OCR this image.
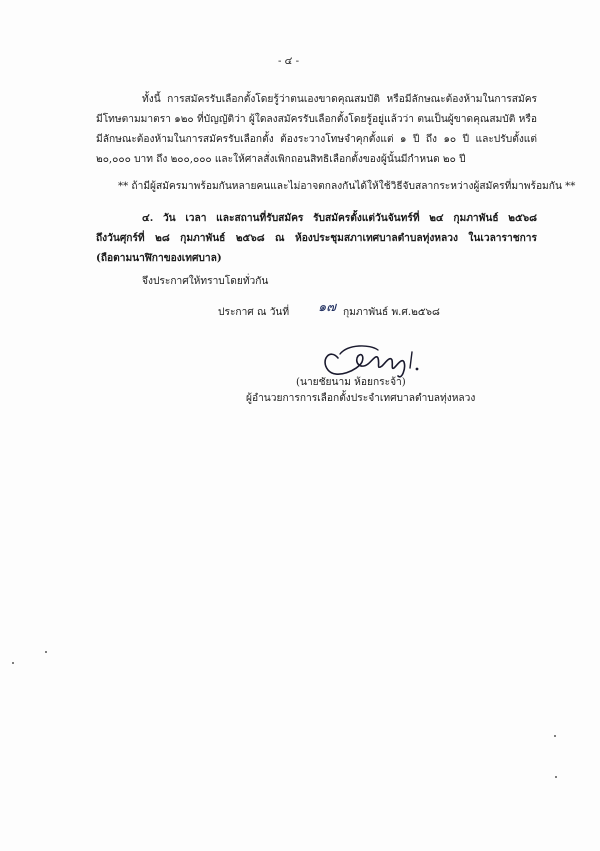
- ๔ -
ทั้งนี้ การสมัครรับเลือกตั้งโดยรู้ว่าตนเองขาดคุณสมบัติ หรือมีลักษณะต้องห้ามในการสมัคร
มีโทษตามมาตรา ๑๒๐ ที่บัญญัติว่า ผู้ใดลงสมัครรับเลือกตั้งโดยรู้อยู่แล้วว่า ตนเป็นผู้ขาดคุณสมบัติ หรือ
มีลักษณะต้องห้ามในการสมัครรับเลือกตั้ง ต้องระวางโทษจำคุกตั้งแต่ ๑ ปี ถึง ๑๐ ปี และปรับตั้งแต่
๒๐,๐๐๐ บาท ถึง ๒๐๐,๐๐๐ และให้ศาลสั่งเพิกถอนสิทธิเลือกตั้งของผู้นั้นมีกำหนด ๒๐ ปี
** ถ้ามีผู้สมัครมาพร้อมกันหลายคนและไม่อาจตกลงกันได้ให้ใช้วิธีจับสลากระหว่างผู้สมัครที่มาพร้อมกัน **
๔. วัน เวลา และสถานที่รับสมัคร รับสมัครตั้งแต่วันจันทร์ที่ ๒๔ กุมภาพันธ์ ๒๕๖๘
ถึงวันศุกร์ที่ ๒๘ กุมภาพันธ์ ๒๕๖๘ ณ ห้องประชุมสภาเทศบาลตำบลทุ่งหลวง ในเวลาราชการ
(ถือตามนาฬิกาของเทศบาล)
จึงประกาศให้ทราบโดยทั่วกัน
ประกาศ ณ วันที่ ๑๗ กุมภาพันธ์ พ.ศ.๒๕๖๘
(นายชัยนาม ห้อยกระจ้า)
ผู้อำนวยการการเลือกตั้งประจำเทศบาลตำบลทุ่งหลวง
